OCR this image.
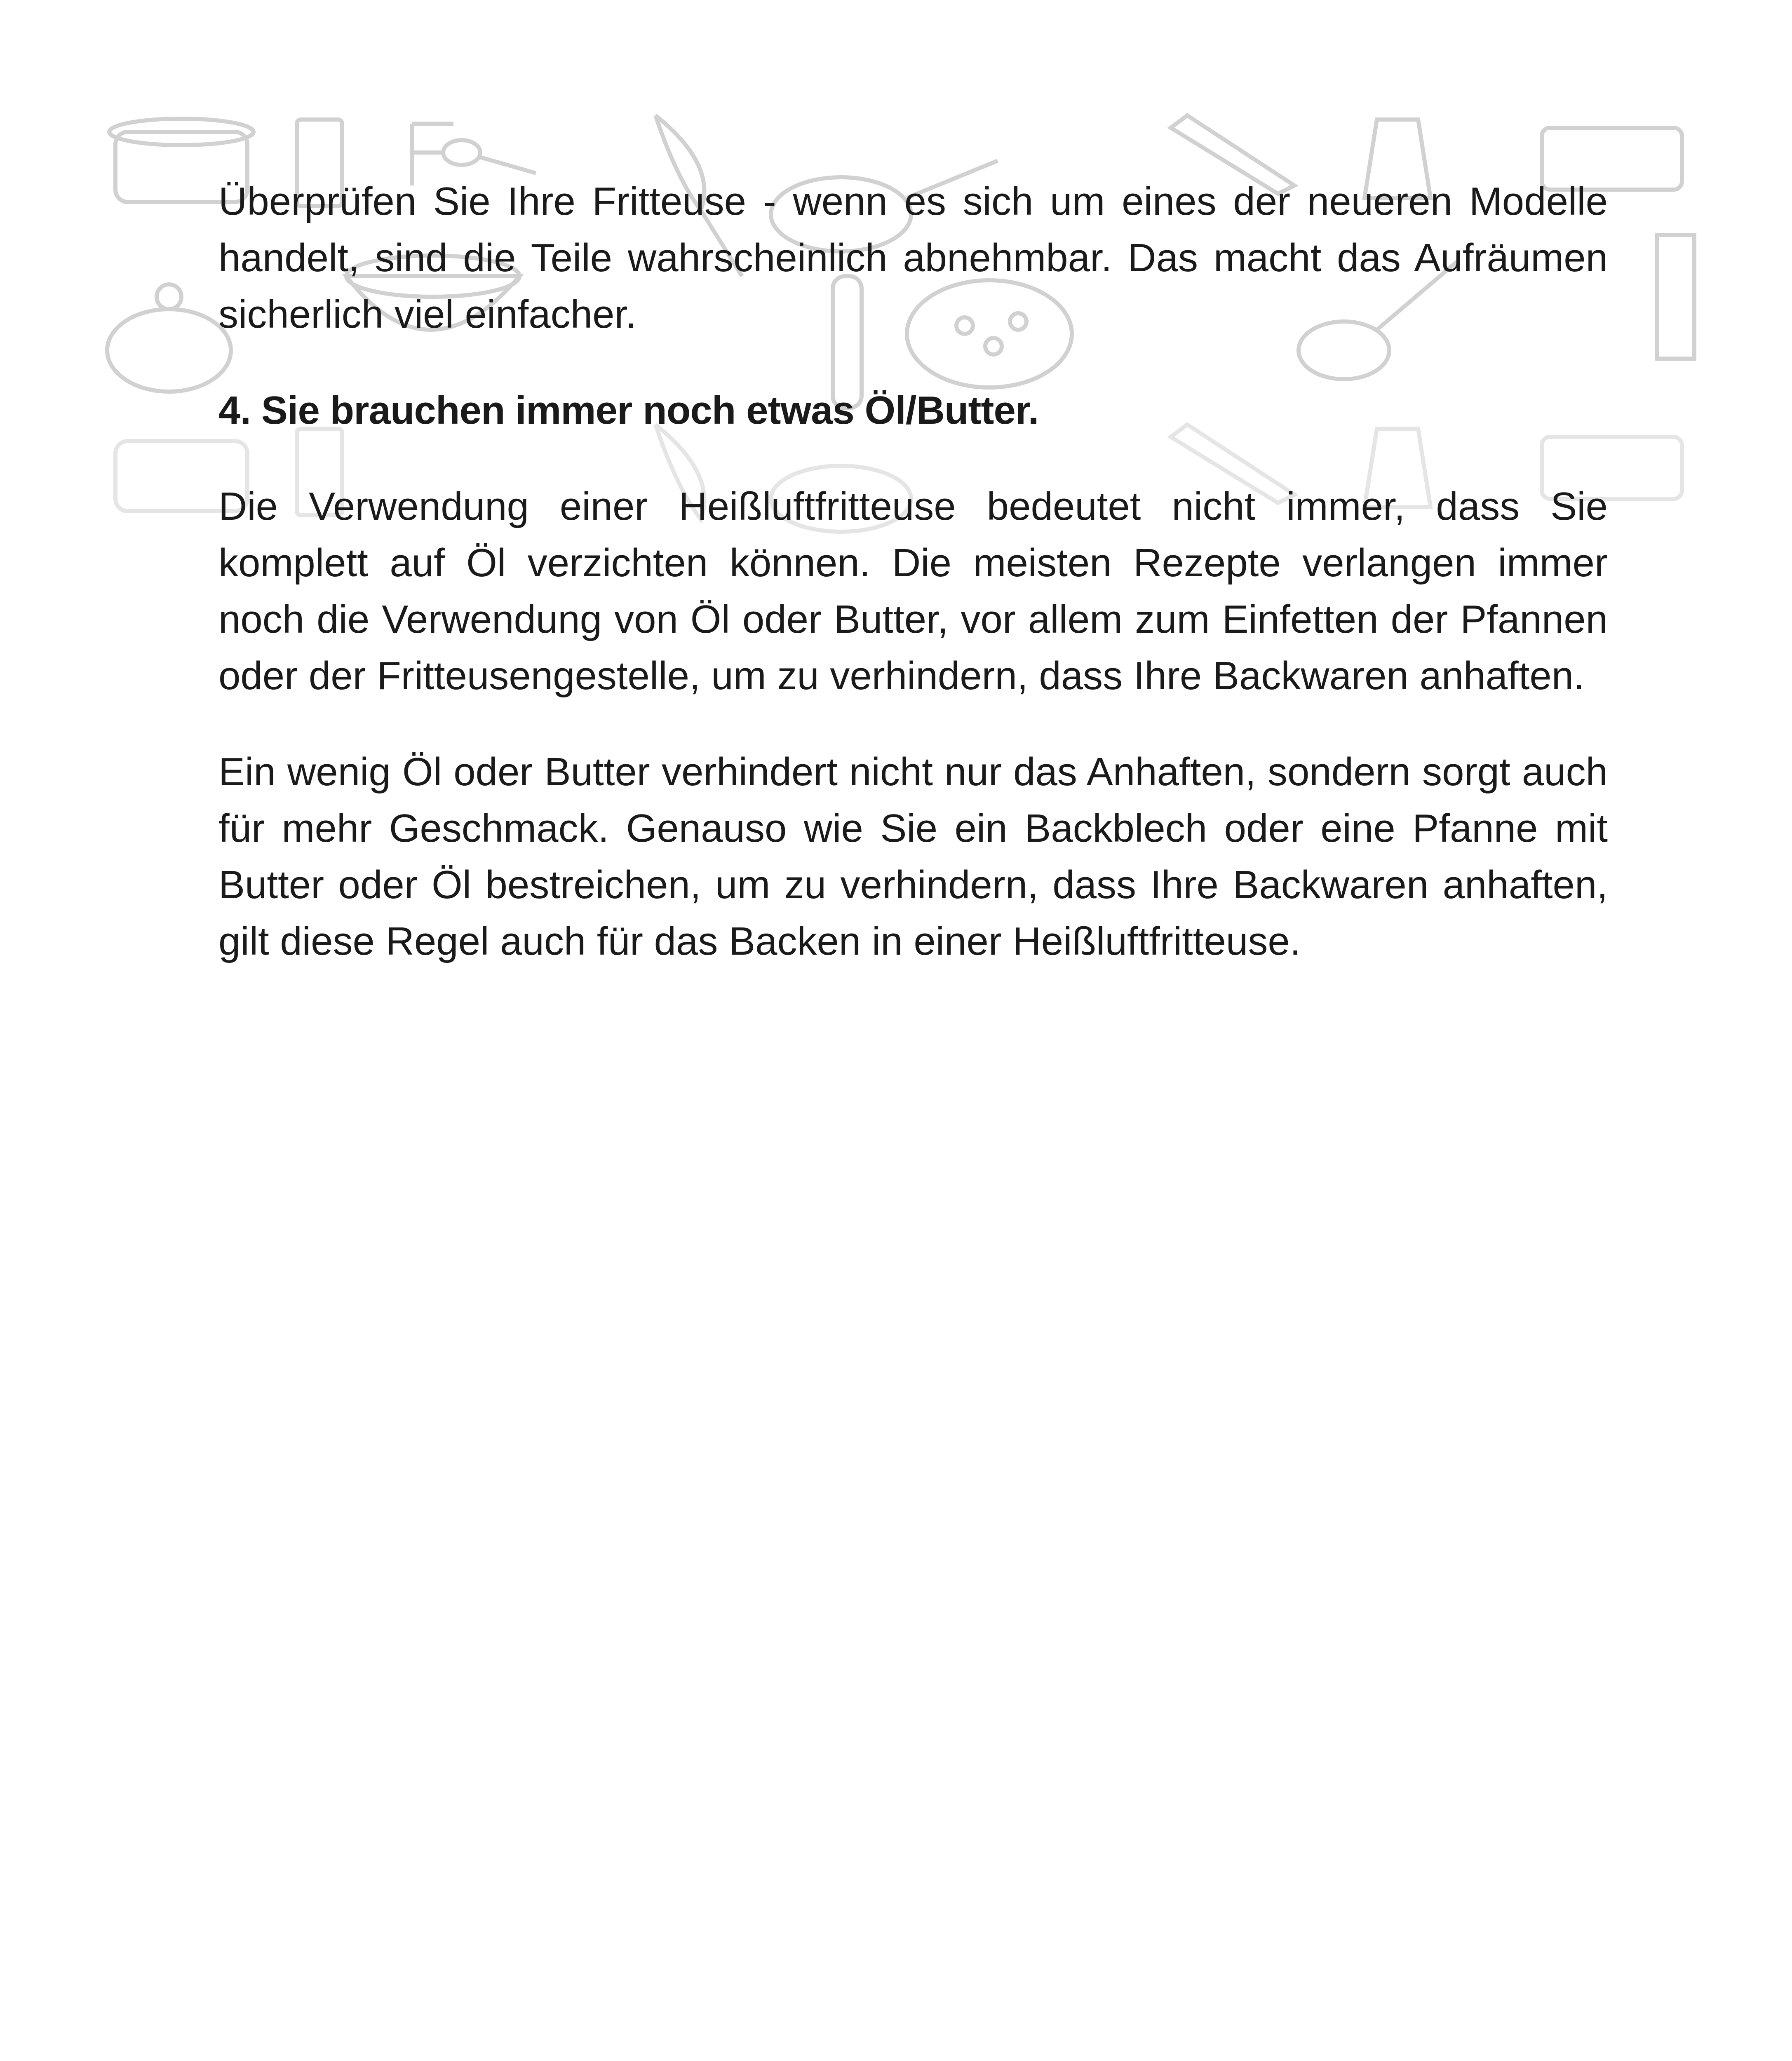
Überprüfen Sie Ihre Fritteuse - wenn es sich um eines der neueren Modelle handelt, sind die Teile wahrscheinlich abnehmbar. Das macht das Aufräumen sicherlich viel einfacher.

4. Sie brauchen immer noch etwas Öl/Butter.

Die Verwendung einer Heißluftfritteuse bedeutet nicht immer, dass Sie komplett auf Öl verzichten können. Die meisten Rezepte verlangen immer noch die Verwendung von Öl oder Butter, vor allem zum Einfetten der Pfannen oder der Fritteusengestelle, um zu verhindern, dass Ihre Backwaren anhaften.

Ein wenig Öl oder Butter verhindert nicht nur das Anhaften, sondern sorgt auch für mehr Geschmack. Genauso wie Sie ein Backblech oder eine Pfanne mit Butter oder Öl bestreichen, um zu verhindern, dass Ihre Backwaren anhaften, gilt diese Regel auch für das Backen in einer Heißluftfritteuse.
